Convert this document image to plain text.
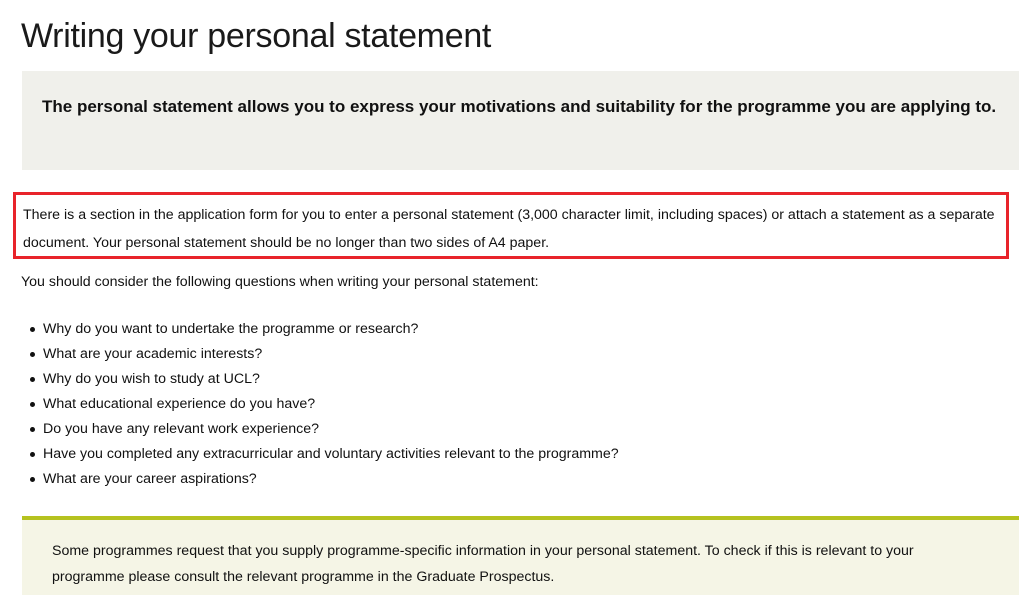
Writing your personal statement

The personal statement allows you to express your motivations and suitability for the programme you are applying to.

There is a section in the application form for you to enter a personal statement (3,000 character limit, including spaces) or attach a statement as a separate document. Your personal statement should be no longer than two sides of A4 paper.

You should consider the following questions when writing your personal statement:

Why do you want to undertake the programme or research?
What are your academic interests?
Why do you wish to study at UCL?
What educational experience do you have?
Do you have any relevant work experience?
Have you completed any extracurricular and voluntary activities relevant to the programme?
What are your career aspirations?

Some programmes request that you supply programme-specific information in your personal statement. To check if this is relevant to your programme please consult the relevant programme in the Graduate Prospectus.
